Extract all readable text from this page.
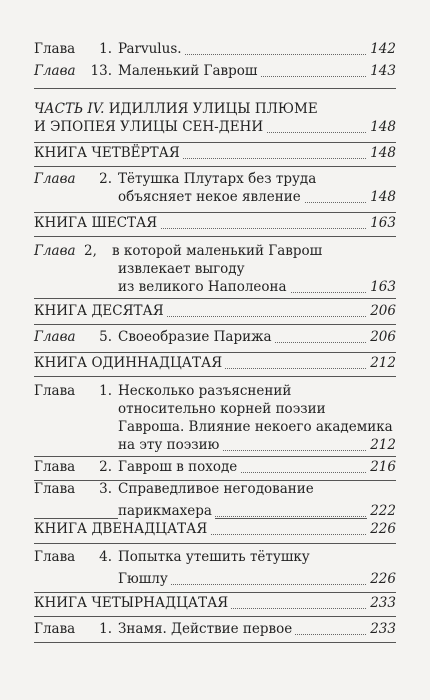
Глава 1. Parvulus.	142
Глава 13. Маленький Гаврош	143
ЧАСТЬ IV. ИДИЛЛИЯ УЛИЦЫ ПЛЮМЕ
И ЭПОПЕЯ УЛИЦЫ СЕН-ДЕНИ	148
КНИГА ЧЕТВЁРТАЯ	148
Глава 2. Тётушка Плутарх без труда
объясняет некое явление	148
КНИГА ШЕСТАЯ	163
Глава 2, в которой маленький Гаврош
извлекает выгоду
из великого Наполеона	163
КНИГА ДЕСЯТАЯ	206
Глава 5. Своеобразие Парижа	206
КНИГА ОДИННАДЦАТАЯ	212
Глава 1. Несколько разъяснений
относительно корней поэзии
Гавроша. Влияние некоего академика
на эту поэзию	212
Глава 2. Гаврош в походе	216
Глава 3. Справедливое негодование
парикмахера	222
КНИГА ДВЕНАДЦАТАЯ	226
Глава 4. Попытка утешить тётушку
Гюшлу	226
КНИГА ЧЕТЫРНАДЦАТАЯ	233
Глава 1. Знамя. Действие первое	233
